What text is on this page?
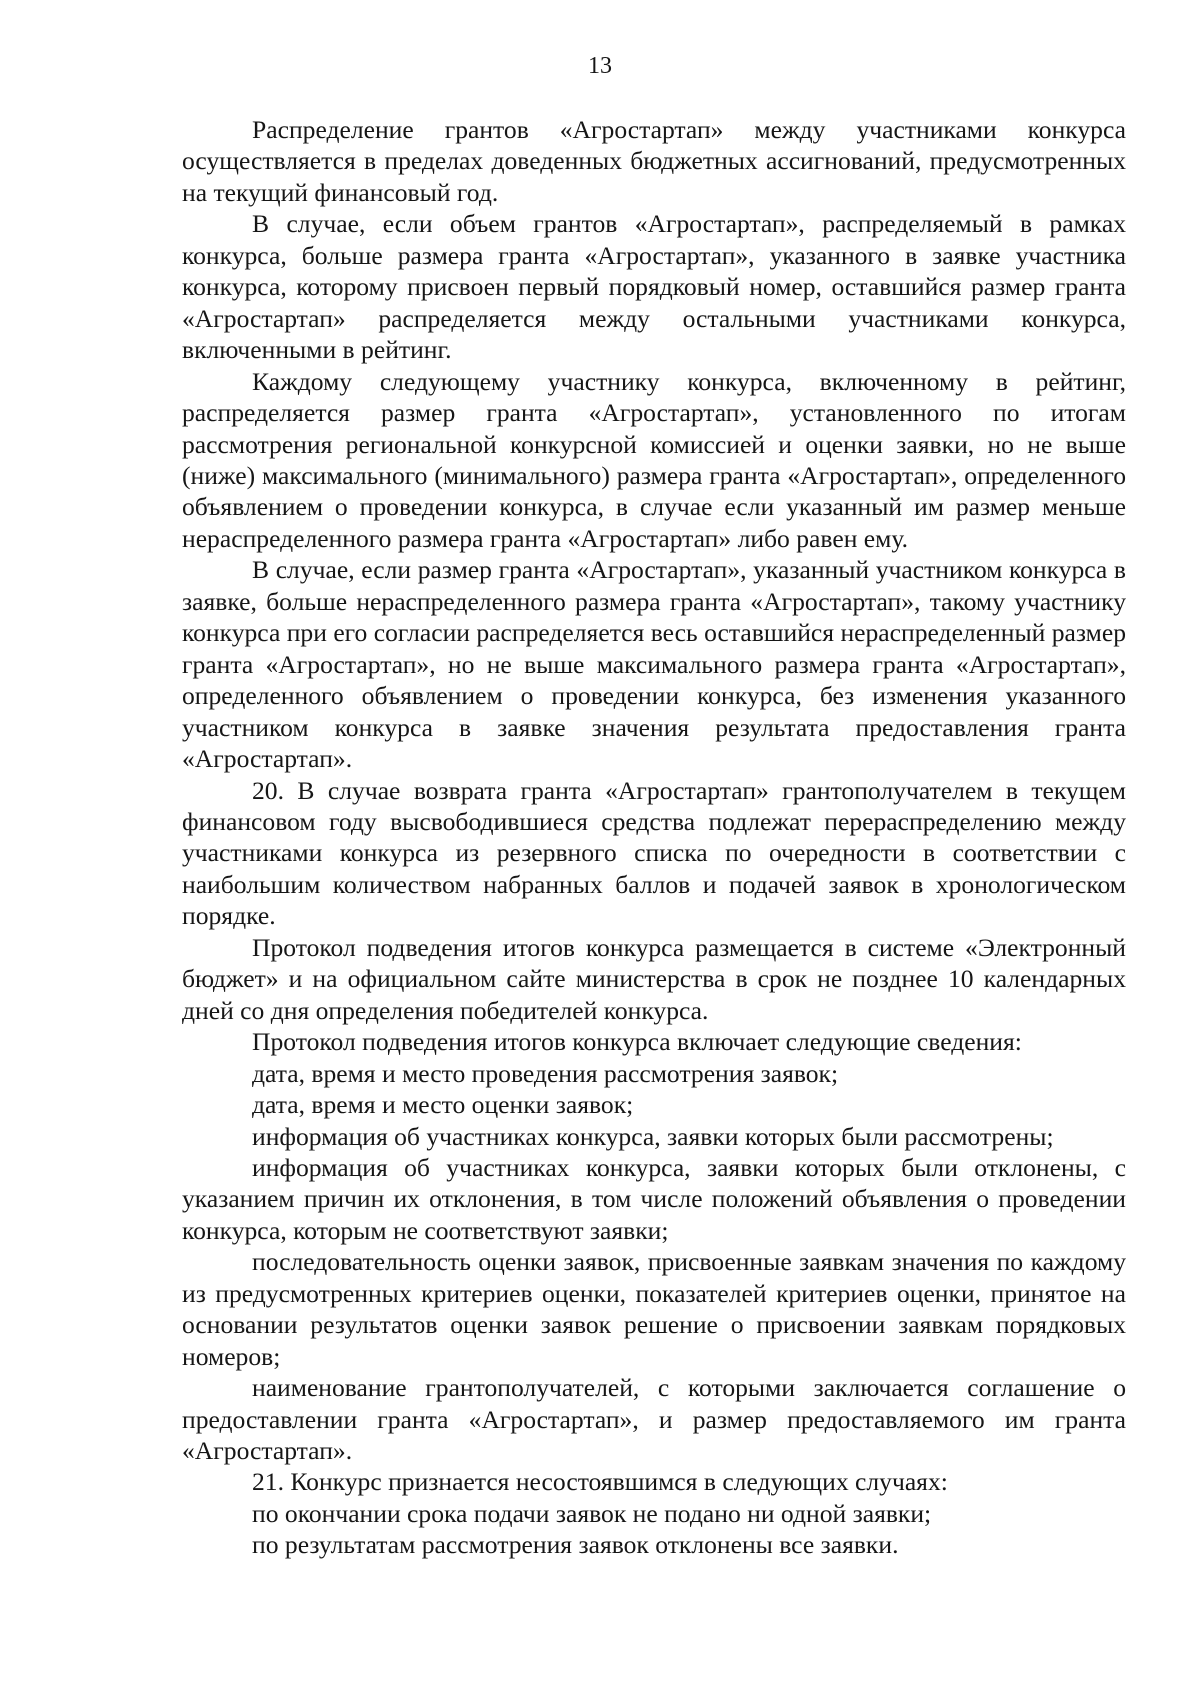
13

Распределение грантов «Агростартап» между участниками конкурса осуществляется в пределах доведенных бюджетных ассигнований, предусмотренных на текущий финансовый год.

В случае, если объем грантов «Агростартап», распределяемый в рамках конкурса, больше размера гранта «Агростартап», указанного в заявке участника конкурса, которому присвоен первый порядковый номер, оставшийся размер гранта «Агростартап» распределяется между остальными участниками конкурса, включенными в рейтинг.

Каждому следующему участнику конкурса, включенному в рейтинг, распределяется размер гранта «Агростартап», установленного по итогам рассмотрения региональной конкурсной комиссией и оценки заявки, но не выше (ниже) максимального (минимального) размера гранта «Агростартап», определенного объявлением о проведении конкурса, в случае если указанный им размер меньше нераспределенного размера гранта «Агростартап» либо равен ему.

В случае, если размер гранта «Агростартап», указанный участником конкурса в заявке, больше нераспределенного размера гранта «Агростартап», такому участнику конкурса при его согласии распределяется весь оставшийся нераспределенный размер гранта «Агростартап», но не выше максимального размера гранта «Агростартап», определенного объявлением о проведении конкурса, без изменения указанного участником конкурса в заявке значения результата предоставления гранта «Агростартап».

20. В случае возврата гранта «Агростартап» грантополучателем в текущем финансовом году высвободившиеся средства подлежат перераспределению между участниками конкурса из резервного списка по очередности в соответствии с наибольшим количеством набранных баллов и подачей заявок в хронологическом порядке.

Протокол подведения итогов конкурса размещается в системе «Электронный бюджет» и на официальном сайте министерства в срок не позднее 10 календарных дней со дня определения победителей конкурса.

Протокол подведения итогов конкурса включает следующие сведения:

дата, время и место проведения рассмотрения заявок;

дата, время и место оценки заявок;

информация об участниках конкурса, заявки которых были рассмотрены;

информация об участниках конкурса, заявки которых были отклонены, с указанием причин их отклонения, в том числе положений объявления о проведении конкурса, которым не соответствуют заявки;

последовательность оценки заявок, присвоенные заявкам значения по каждому из предусмотренных критериев оценки, показателей критериев оценки, принятое на основании результатов оценки заявок решение о присвоении заявкам порядковых номеров;

наименование грантополучателей, с которыми заключается соглашение о предоставлении гранта «Агростартап», и размер предоставляемого им гранта «Агростартап».

21. Конкурс признается несостоявшимся в следующих случаях:

по окончании срока подачи заявок не подано ни одной заявки;

по результатам рассмотрения заявок отклонены все заявки.
